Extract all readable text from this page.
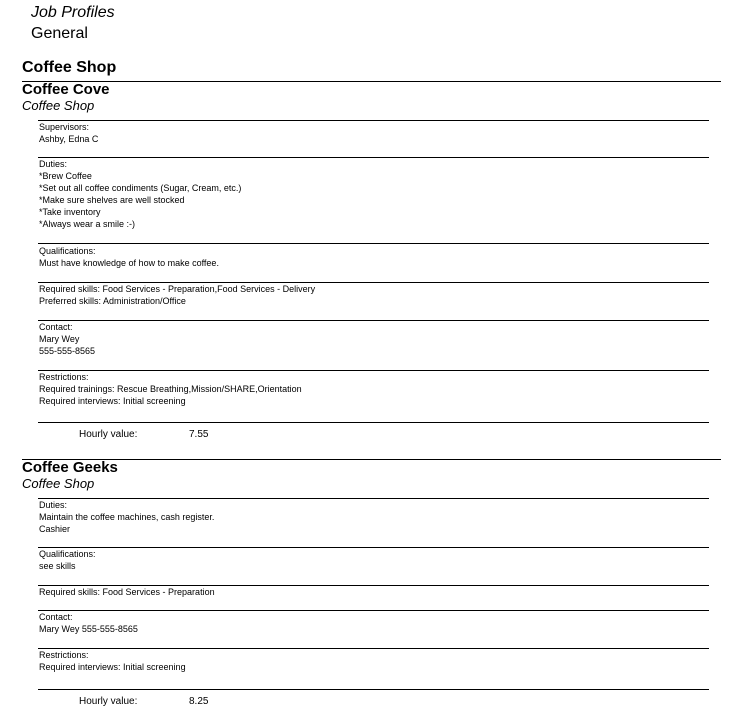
Job Profiles
General
Coffee Shop
Coffee Cove
Coffee Shop
Supervisors:
Ashby, Edna C
Duties:
*Brew Coffee
*Set out all coffee condiments (Sugar, Cream, etc.)
*Make sure shelves are well stocked
*Take inventory
*Always wear a smile :-)
Qualifications:
Must have knowledge of how to make coffee.
Required skills: Food Services - Preparation,Food Services - Delivery
Preferred skills: Administration/Office
Contact:
Mary Wey
555-555-8565
Restrictions:
Required trainings: Rescue Breathing,Mission/SHARE,Orientation
Required interviews: Initial screening
Hourly value:	7.55
Coffee Geeks
Coffee Shop
Duties:
Maintain the coffee machines, cash register.
Cashier
Qualifications:
see skills
Required skills: Food Services - Preparation
Contact:
Mary Wey 555-555-8565
Restrictions:
Required interviews: Initial screening
Hourly value:	8.25
